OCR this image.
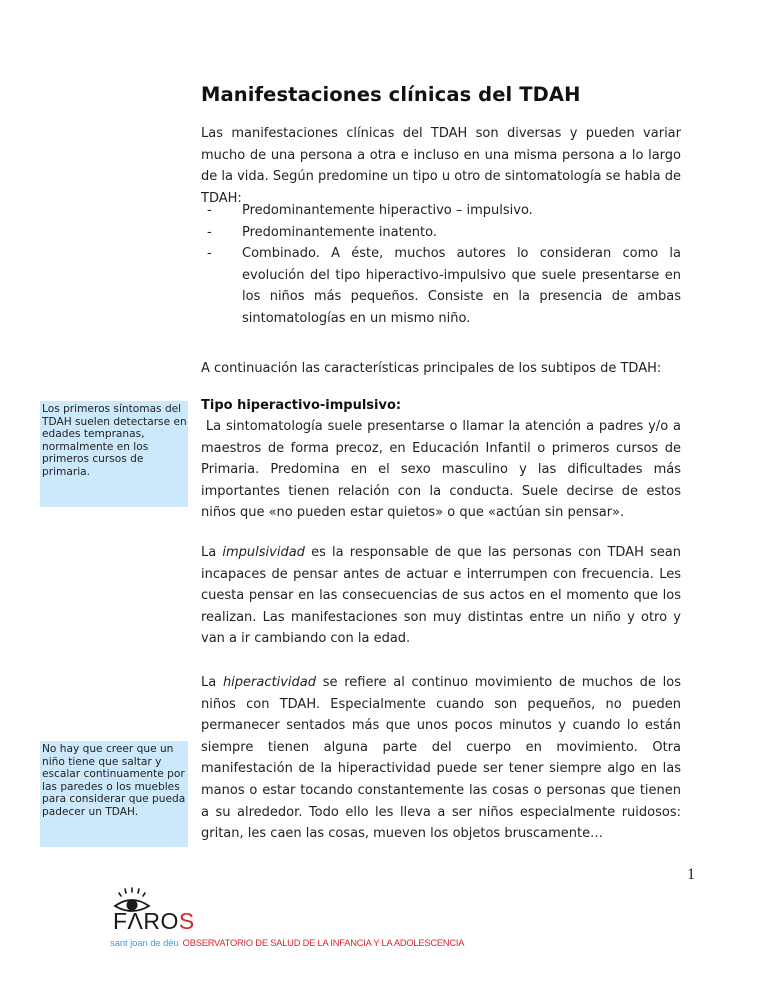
Manifestaciones clínicas del TDAH

Las manifestaciones clínicas del TDAH son diversas y pueden variar mucho de una persona a otra e incluso en una misma persona a lo largo de la vida. Según predomine un tipo u otro de sintomatología se habla de TDAH:

- Predominantemente hiperactivo – impulsivo.
- Predominantemente inatento.
- Combinado. A éste, muchos autores lo consideran como la evolución del tipo hiperactivo-impulsivo que suele presentarse en los niños más pequeños. Consiste en la presencia de ambas sintomatologías en un mismo niño.

A continuación las características principales de los subtipos de TDAH:

Tipo hiperactivo-impulsivo:

La sintomatología suele presentarse o llamar la atención a padres y/o a maestros de forma precoz, en Educación Infantil o primeros cursos de Primaria. Predomina en el sexo masculino y las dificultades más importantes tienen relación con la conducta. Suele decirse de estos niños que «no pueden estar quietos» o que «actúan sin pensar».

La impulsividad es la responsable de que las personas con TDAH sean incapaces de pensar antes de actuar e interrumpen con frecuencia. Les cuesta pensar en las consecuencias de sus actos en el momento que los realizan. Las manifestaciones son muy distintas entre un niño y otro y van a ir cambiando con la edad.

La hiperactividad se refiere al continuo movimiento de muchos de los niños con TDAH. Especialmente cuando son pequeños, no pueden permanecer sentados más que unos pocos minutos y cuando lo están siempre tienen alguna parte del cuerpo en movimiento. Otra manifestación de la hiperactividad puede ser tener siempre algo en las manos o estar tocando constantemente las cosas o personas que tienen a su alrededor. Todo ello les lleva a ser niños especialmente ruidosos: gritan, les caen las cosas, mueven los objetos bruscamente…

Los primeros síntomas del TDAH suelen detectarse en edades tempranas, normalmente en los primeros cursos de primaria.
No hay que creer que un niño tiene que saltar y escalar continuamente por las paredes o los muebles para considerar que pueda padecer un TDAH.
1
FΛROS
sant joan de déu OBSERVATORIO DE SALUD DE LA INFANCIA Y LA ADOLESCENCIA
